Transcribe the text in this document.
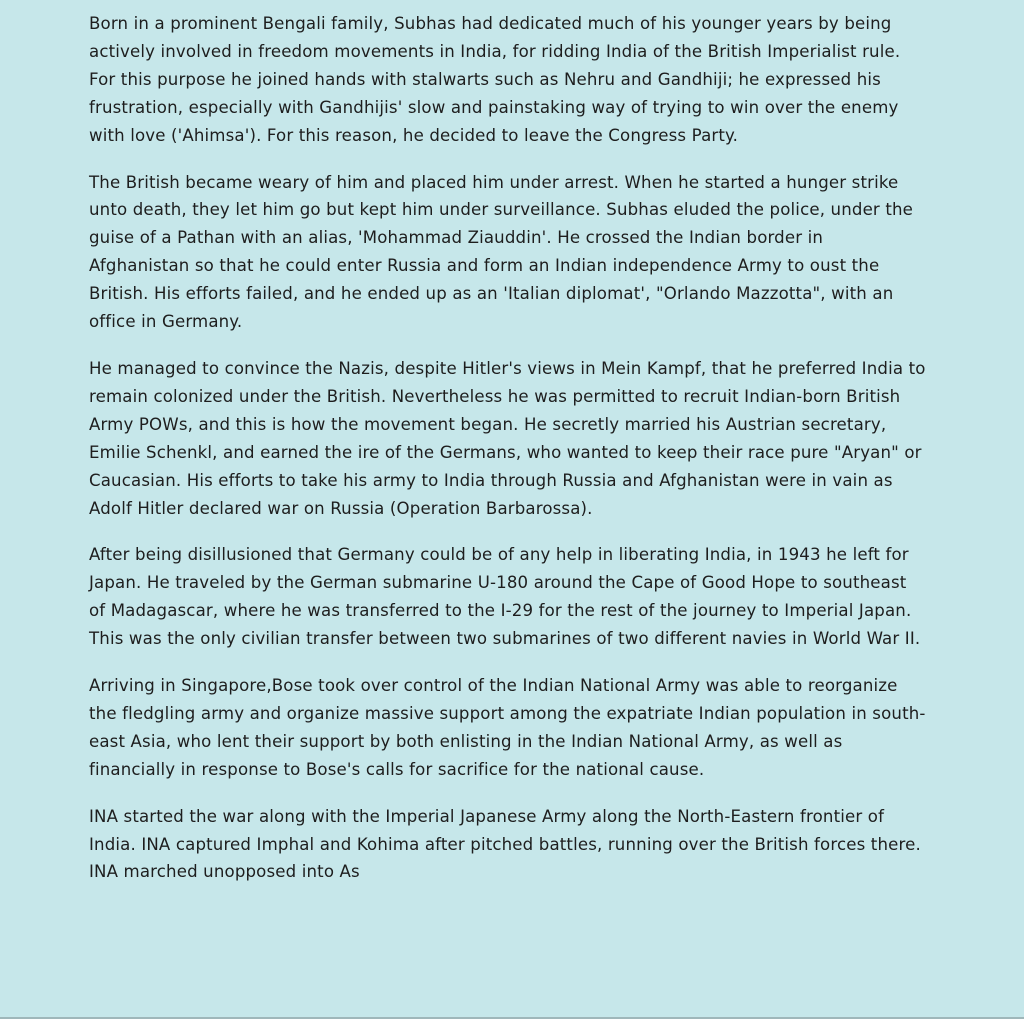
Born in a prominent Bengali family, Subhas had dedicated much of his younger years by being actively involved in freedom movements in India, for ridding India of the British Imperialist rule. For this purpose he joined hands with stalwarts such as Nehru and Gandhiji; he expressed his frustration, especially with Gandhijis' slow and painstaking way of trying to win over the enemy with love ('Ahimsa'). For this reason, he decided to leave the Congress Party.

The British became weary of him and placed him under arrest. When he started a hunger strike unto death, they let him go but kept him under surveillance. Subhas eluded the police, under the guise of a Pathan with an alias, 'Mohammad Ziauddin'. He crossed the Indian border in Afghanistan so that he could enter Russia and form an Indian independence Army to oust the British. His efforts failed, and he ended up as an 'Italian diplomat', "Orlando Mazzotta", with an office in Germany.

He managed to convince the Nazis, despite Hitler's views in Mein Kampf, that he preferred India to remain colonized under the British. Nevertheless he was permitted to recruit Indian-born British Army POWs, and this is how the movement began. He secretly married his Austrian secretary, Emilie Schenkl, and earned the ire of the Germans, who wanted to keep their race pure "Aryan" or Caucasian. His efforts to take his army to India through Russia and Afghanistan were in vain as Adolf Hitler declared war on Russia (Operation Barbarossa).

After being disillusioned that Germany could be of any help in liberating India, in 1943 he left for Japan. He traveled by the German submarine U-180 around the Cape of Good Hope to southeast of Madagascar, where he was transferred to the I-29 for the rest of the journey to Imperial Japan. This was the only civilian transfer between two submarines of two different navies in World War II.

Arriving in Singapore,Bose took over control of the Indian National Army was able to reorganize the fledgling army and organize massive support among the expatriate Indian population in south-east Asia, who lent their support by both enlisting in the Indian National Army, as well as financially in response to Bose's calls for sacrifice for the national cause.

INA started the war along with the Imperial Japanese Army along the North-Eastern frontier of India. INA captured Imphal and Kohima after pitched battles, running over the British forces there. INA marched unopposed into As
